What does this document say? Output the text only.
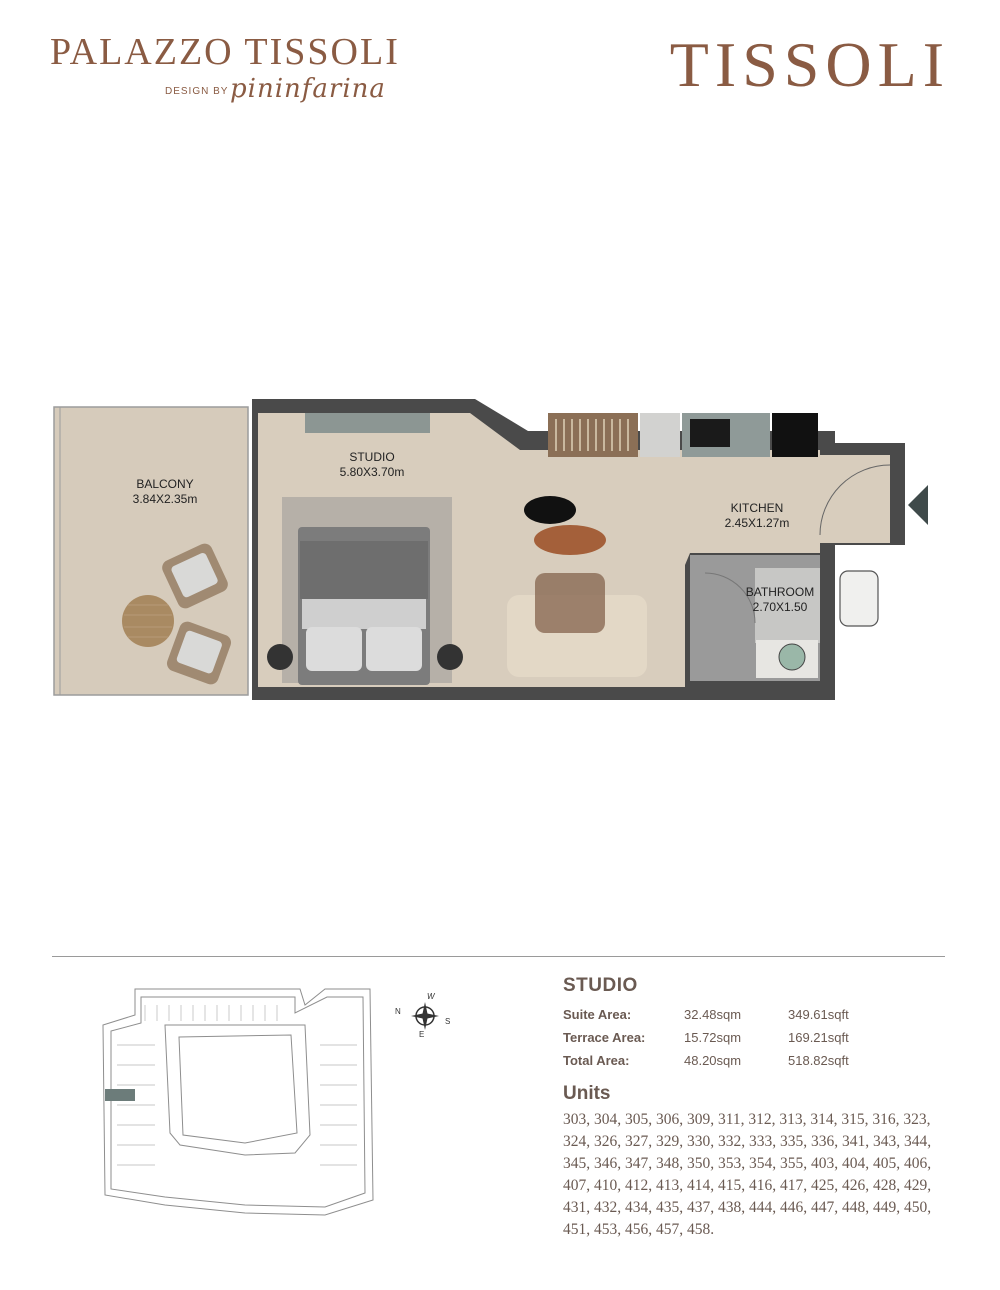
PALAZZO TISSOLI
DESIGN BY pininfarina	TISSOLI
BALCONY
3.84X2.35m
STUDIO
5.80X3.70m
KITCHEN
2.45X1.27m
BATHROOM
2.70X1.50
N
W
S
E
STUDIO
Suite Area:	32.48sqm	349.61sqft
Terrace Area:	15.72sqm	169.21sqft
Total Area:	48.20sqm	518.82sqft
Units
303, 304, 305, 306, 309, 311, 312, 313, 314, 315, 316, 323, 324, 326, 327, 329, 330, 332, 333, 335, 336, 341, 343, 344, 345, 346, 347, 348, 350, 353, 354, 355, 403, 404, 405, 406, 407, 410, 412, 413, 414, 415, 416, 417, 425, 426, 428, 429, 431, 432, 434, 435, 437, 438, 444, 446, 447, 448, 449, 450, 451, 453, 456, 457, 458.
